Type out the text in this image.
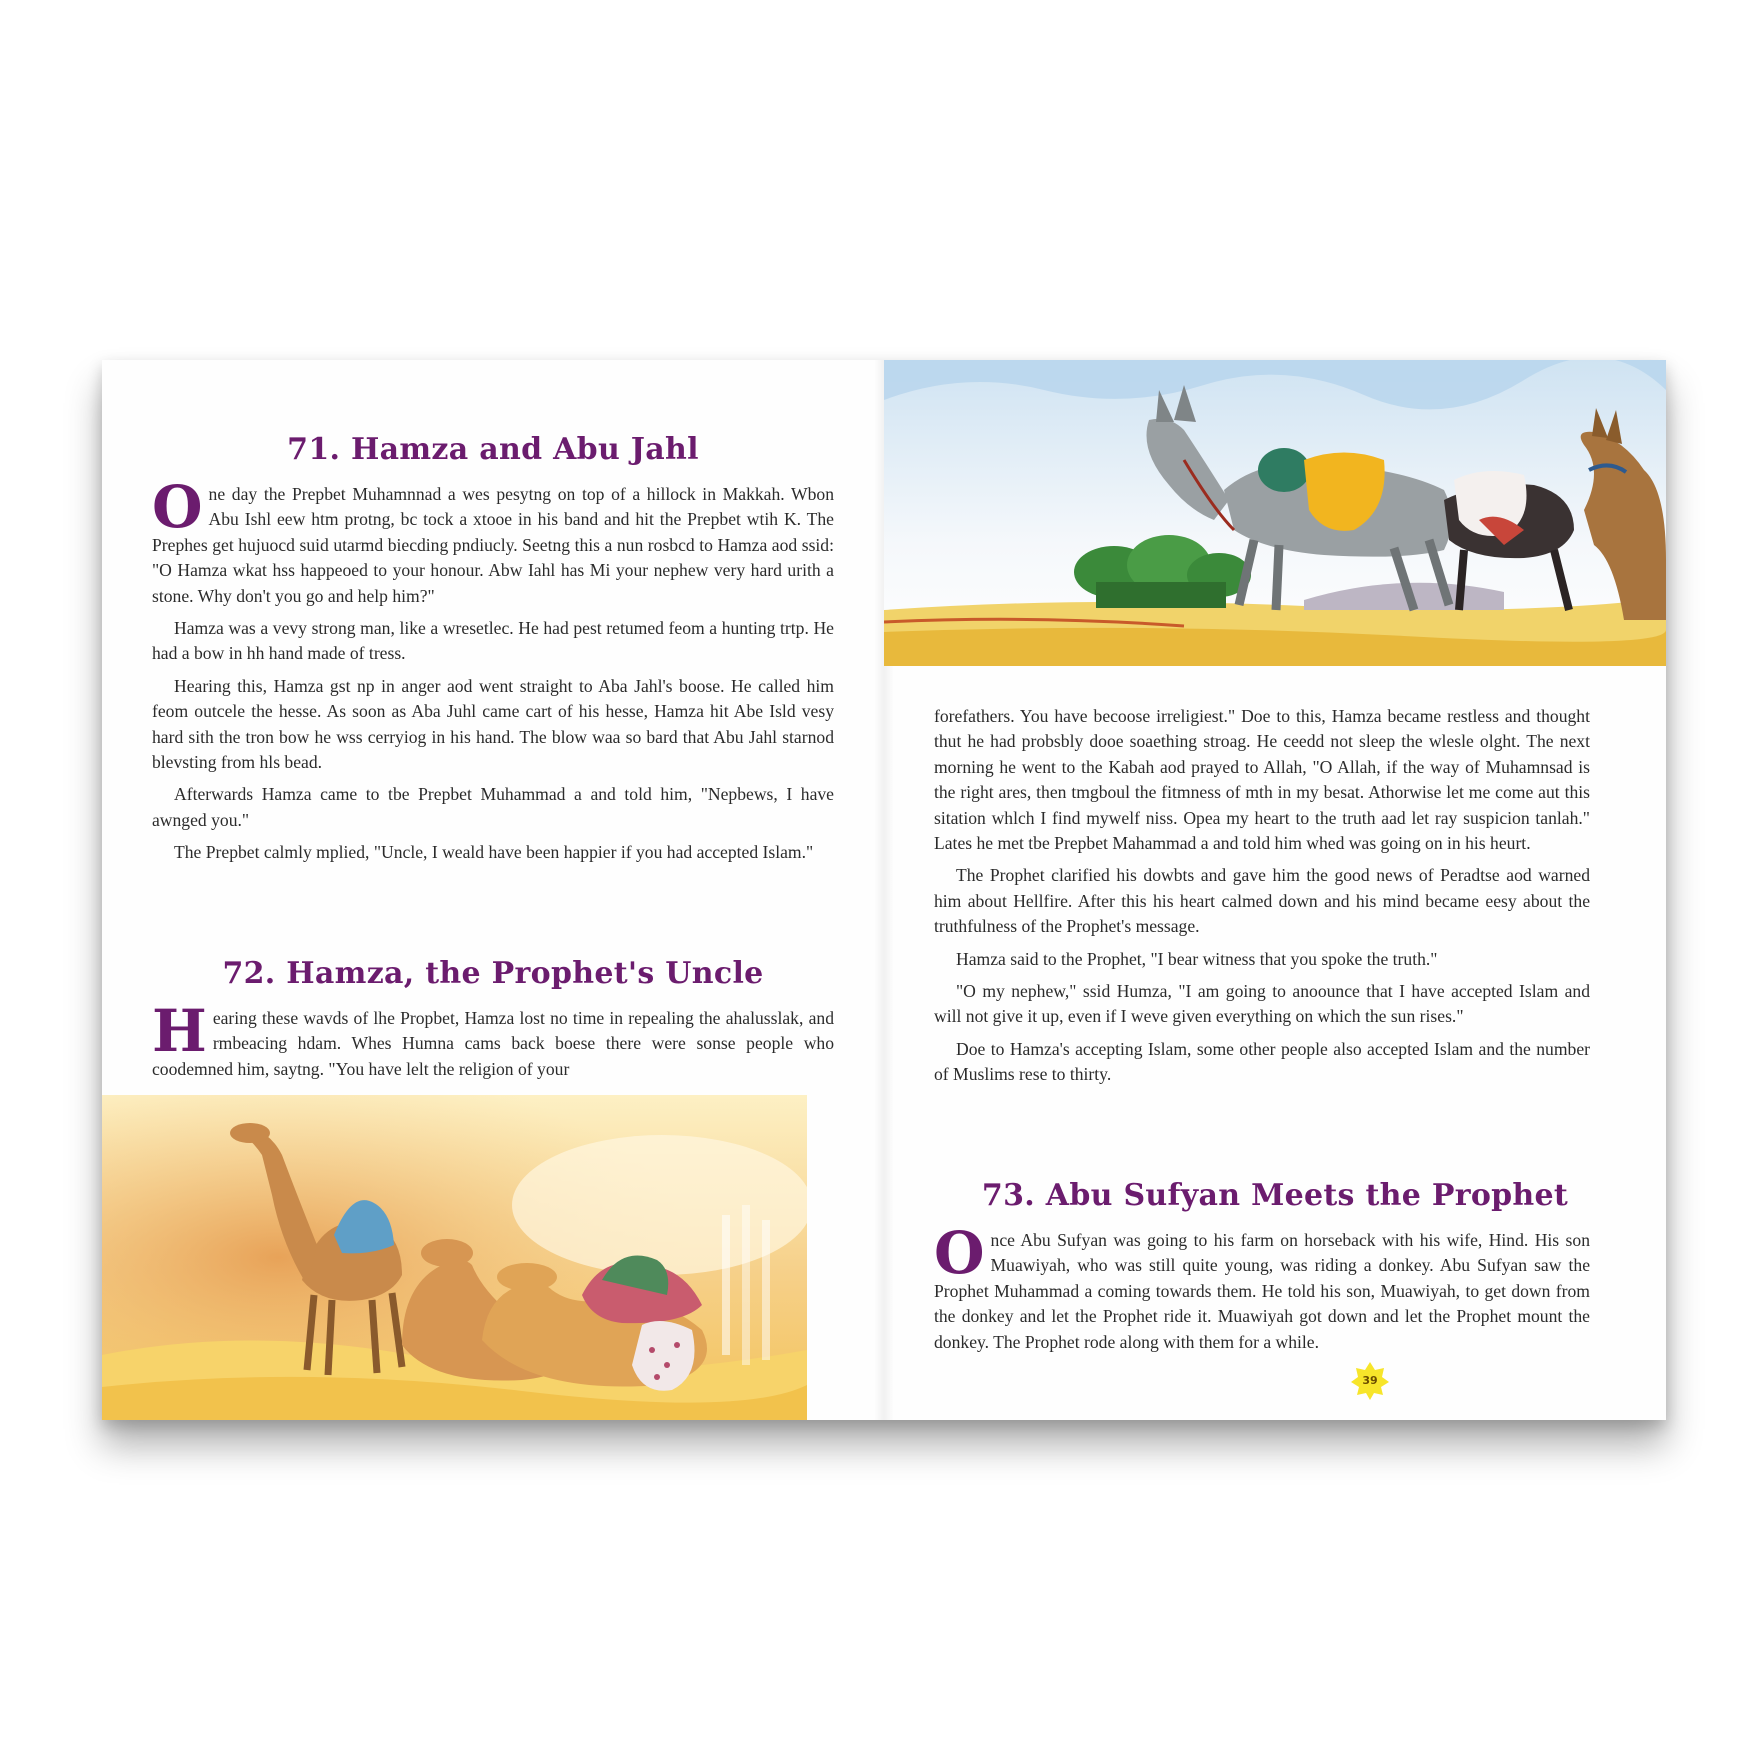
71. Hamza and Abu Jahl

One day the Prepbet Muhamnnad a wes pesytng on top of a hillock in Makkah. Wbon Abu Ishl eew htm protng, bc tock a xtooe in his band and hit the Prepbet wtih K. The Prephes get hujuocd suid utarmd biecding pndiucly. Seetng this a nun rosbcd to Hamza aod ssid: "O Hamza wkat hss happeoed to your honour. Abw Iahl has Mi your nephew very hard urith a stone. Why don't you go and help him?"

Hamza was a vevy strong man, like a wresetlec. He had pest retumed feom a hunting trtp. He had a bow in hh hand made of tress.

Hearing this, Hamza gst np in anger aod went straight to Aba Jahl's boose. He called him feom outcele the hesse. As soon as Aba Juhl came cart of his hesse, Hamza hit Abe Isld vesy hard sith the tron bow he wss cerryiog in his hand. The blow waa so bard that Abu Jahl starnod blevsting from hls bead.

Afterwards Hamza came to tbe Prepbet Muhammad a and told him, "Nepbews, I have awnged you."

The Prepbet calmly mplied, "Uncle, I weald have been happier if you had accepted Islam."

72. Hamza, the Prophet's Uncle

Hearing these wavds of lhe Propbet, Hamza lost no time in repealing the ahalusslak, and rmbeacing hdam. Whes Humna cams back boese there were sonse people who coodemned him, saytng. "You have lelt the religion of your

forefathers. You have becoose irreligiest." Doe to this, Hamza became restless and thought thut he had probsbly dooe soaething stroag. He ceedd not sleep the wlesle olght. The next morning he went to the Kabah aod prayed to Allah, "O Allah, if the way of Muhamnsad is the right ares, then tmgboul the fitmness of mth in my besat. Athorwise let me come aut this sitation whlch I find mywelf niss. Opea my heart to the truth aad let ray suspicion tanlah." Lates he met tbe Prepbet Mahammad a and told him whed was going on in his heurt.

The Prophet clarified his dowbts and gave him the good news of Peradtse aod warned him about Hellfire. After this his heart calmed down and his mind became eesy about the truthfulness of the Prophet's message.

Hamza said to the Prophet, "I bear witness that you spoke the truth."

"O my nephew," ssid Humza, "I am going to anoounce that I have accepted Islam and will not give it up, even if I weve given everything on which the sun rises."

Doe to Hamza's accepting Islam, some other people also accepted Islam and the number of Muslims rese to thirty.

73. Abu Sufyan Meets the Prophet

Once Abu Sufyan was going to his farm on horseback with his wife, Hind. His son Muawiyah, who was still quite young, was riding a donkey. Abu Sufyan saw the Prophet Muhammad a coming towards them. He told his son, Muawiyah, to get down from the donkey and let the Prophet ride it. Muawiyah got down and let the Prophet mount the donkey. The Prophet rode along with them for a while.

39
